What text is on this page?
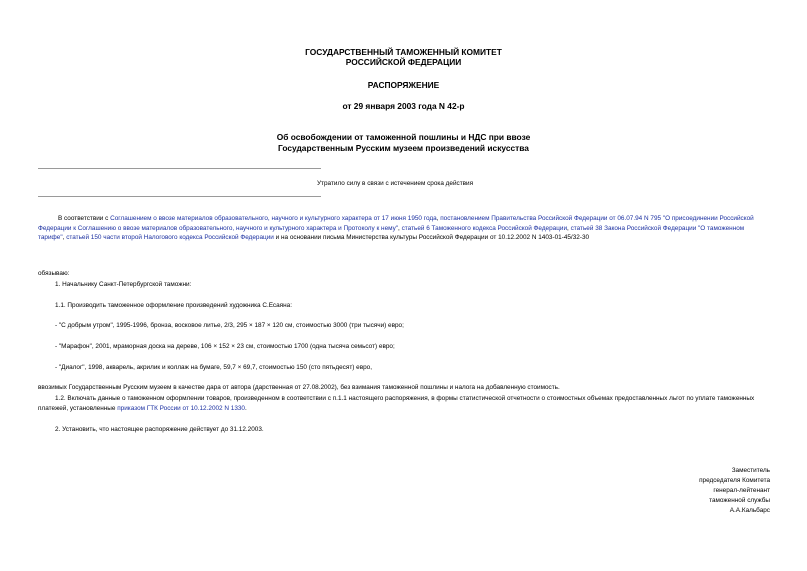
ГОСУДАРСТВЕННЫЙ ТАМОЖЕННЫЙ КОМИТЕТ
РОССИЙСКОЙ ФЕДЕРАЦИИ
РАСПОРЯЖЕНИЕ
от 29 января 2003 года N 42-р
Об освобождении от таможенной пошлины и НДС при ввозе
Государственным Русским музеем произведений искусства
Утратило силу в связи с истечением срока действия
В соответствии с Соглашением о ввозе материалов образовательного, научного и культурного характера от 17 июня 1950 года, постановлением Правительства Российской Федерации от 06.07.94 N 795 "О присоединении Российской Федерации к Соглашению о ввозе материалов образовательного, научного и культурного характера и Протоколу к нему", статьей 6 Таможенного кодекса Российской Федерации, статьей 38 Закона Российской Федерации "О таможенном тарифе", статьей 150 части второй Налогового кодекса Российской Федерации и на основании письма Министерства культуры Российской Федерации от 10.12.2002 N 1403-01-45/32-30
обязываю:
1. Начальнику Санкт-Петербургской таможни:
1.1. Производить таможенное оформление произведений художника С.Есаяна:
- "С добрым утром", 1995-1996, бронза, восковое литье, 2/3, 295 × 187 × 120 см, стоимостью 3000 (три тысячи) евро;
- "Марафон", 2001, мраморная доска на дереве, 106 × 152 × 23 см, стоимостью 1700 (одна тысяча семьсот) евро;
- "Диалог", 1998, акварель, акрилик и коллаж на бумаге, 59,7 × 69,7, стоимостью 150 (сто пятьдесят) евро,
ввозимых Государственным Русским музеем в качестве дара от автора (дарственная от 27.08.2002), без взимания таможенной пошлины и налога на добавленную стоимость.
1.2. Включать данные о таможенном оформлении товаров, произведенном в соответствии с п.1.1 настоящего распоряжения, в формы статистической отчетности о стоимостных объемах предоставленных льгот по уплате таможенных платежей, установленные приказом ГТК России от 10.12.2002 N 1330.
2. Установить, что настоящее распоряжение действует до 31.12.2003.
Заместитель
председателя Комитета
генерал-лейтенант
таможенной службы
А.А.Кальбарс
